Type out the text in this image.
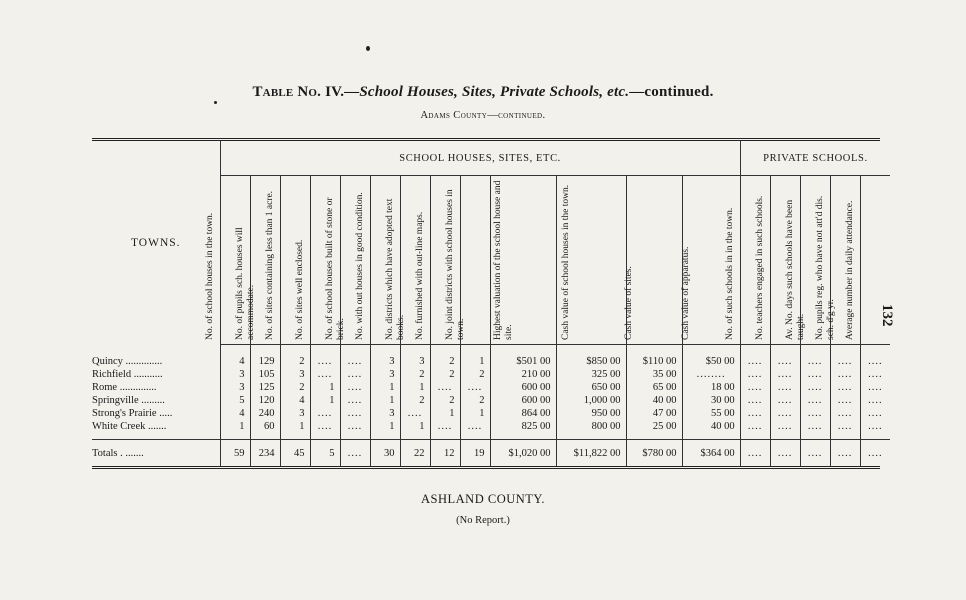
Table No. IV.—School Houses, Sites, Private Schools, etc.—continued.
Adams County—continued.
TOWNS.	SCHOOL HOUSES, SITES, ETC.													PRIVATE SCHOOLS.				

	No. of school houses in the town.	No. of pupils sch. houses will accommodate.	No. of sites containing less than 1 acre.	No. of sites well enclosed.	No. of school houses built of stone or brick.	No. with out houses in good condition.	No. districts which have adopted text books.	No. furnished with out-line maps.	No. joint districts with school houses in town.	Highest valuation of the school house and site.	Cash value of school houses in the town.	Cash value of sites.	Cash value of apparatus.	No. of such schools in in the town.	No. teachers engaged in such schools.	Av. No. days such schools have been taught.	No. pupils reg. who have not att'd dis. sch. d'g yr.	Average number in daily attendance.

Quincy ..............	4	129	2	....	....	3	3	2	1	$501 00	$850 00	$110 00	$50 00	....	....	....	....	....
Richfield ...........	3	105	3	....	....	3	2	2	2	210 00	325 00	35 00	........	....	....	....	....	....
Rome ..............	3	125	2	1	....	1	1	....	....	600 00	650 00	65 00	18 00	....	....	....	....	....
Springville .........	5	120	4	1	....	1	2	2	2	600 00	1,000 00	40 00	30 00	....	....	....	....	....
Strong's Prairie .....	4	240	3	....	....	3	....	1	1	864 00	950 00	47 00	55 00	....	....	....	....	....
White Creek .......	1	60	1	....	....	1	1	....	....	825 00	800 00	25 00	40 00	....	....	....	....	....
Totals . .......	59	234	45	5	....	30	22	12	19	$1,020 00	$11,822 00	$780 00	$364 00	....	....	....	....	....
132
ASHLAND COUNTY.
(No Report.)
